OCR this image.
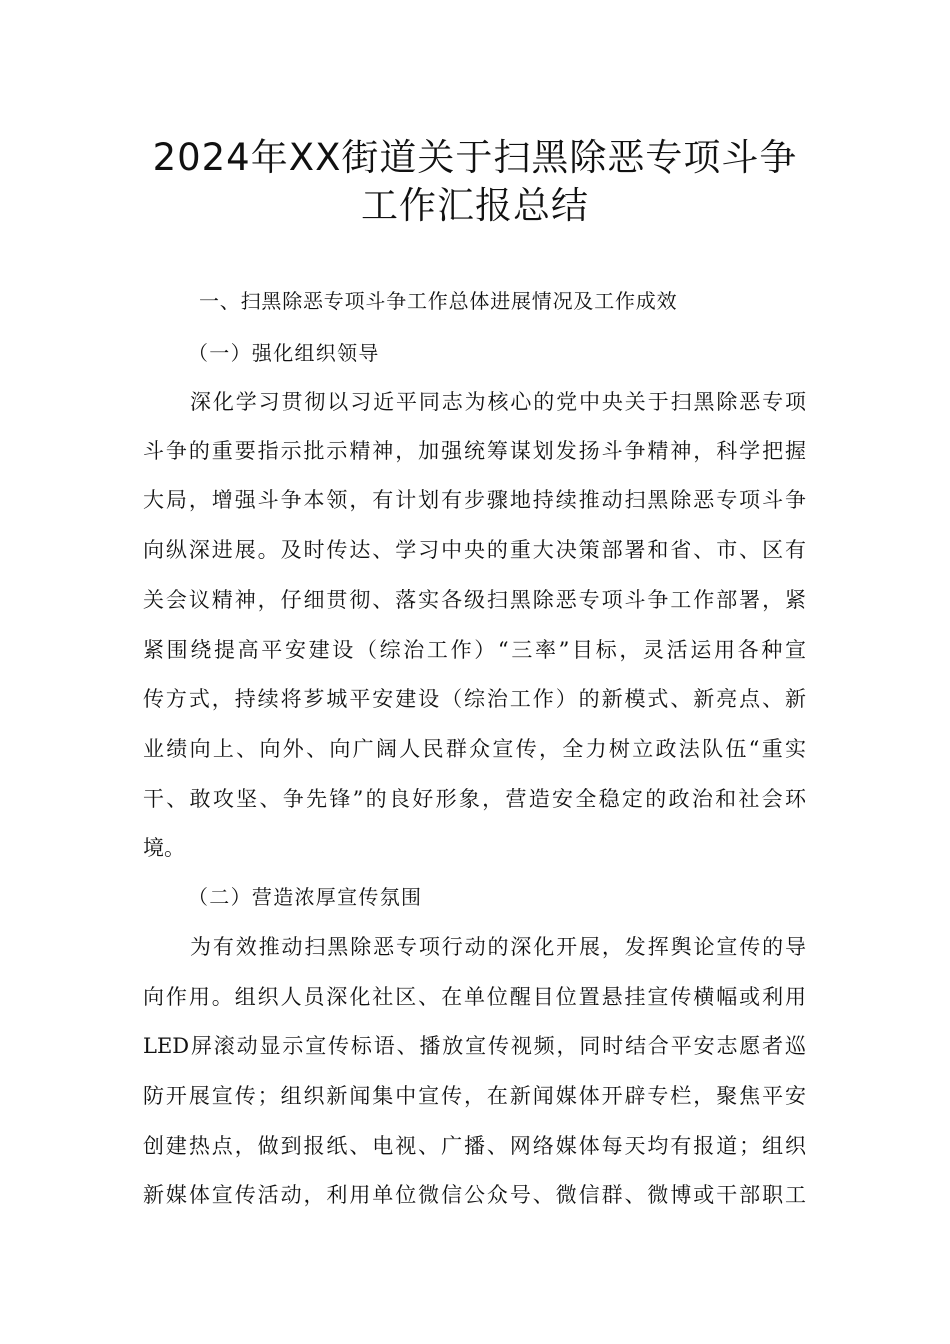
2024年XX街道关于扫黑除恶专项斗争
工作汇报总结
一、扫黑除恶专项斗争工作总体进展情况及工作成效
（一）强化组织领导
深化学习贯彻以习近平同志为核心的党中央关于扫黑除恶专项
斗争的重要指示批示精神，加强统筹谋划发扬斗争精神，科学把握
大局，增强斗争本领，有计划有步骤地持续推动扫黑除恶专项斗争
向纵深进展。及时传达、学习中央的重大决策部署和省、市、区有
关会议精神，仔细贯彻、落实各级扫黑除恶专项斗争工作部署，紧
紧围绕提高平安建设（综治工作）“三率”目标，灵活运用各种宣
传方式，持续将芗城平安建设（综治工作）的新模式、新亮点、新
业绩向上、向外、向广阔人民群众宣传，全力树立政法队伍“重实
干、敢攻坚、争先锋”的良好形象，营造安全稳定的政治和社会环
境。
（二）营造浓厚宣传氛围
为有效推动扫黑除恶专项行动的深化开展，发挥舆论宣传的导
向作用。组织人员深化社区、在单位醒目位置悬挂宣传横幅或利用
LED屏滚动显示宣传标语、播放宣传视频，同时结合平安志愿者巡
防开展宣传；组织新闻集中宣传，在新闻媒体开辟专栏，聚焦平安
创建热点，做到报纸、电视、广播、网络媒体每天均有报道；组织
新媒体宣传活动，利用单位微信公众号、微信群、微博或干部职工
